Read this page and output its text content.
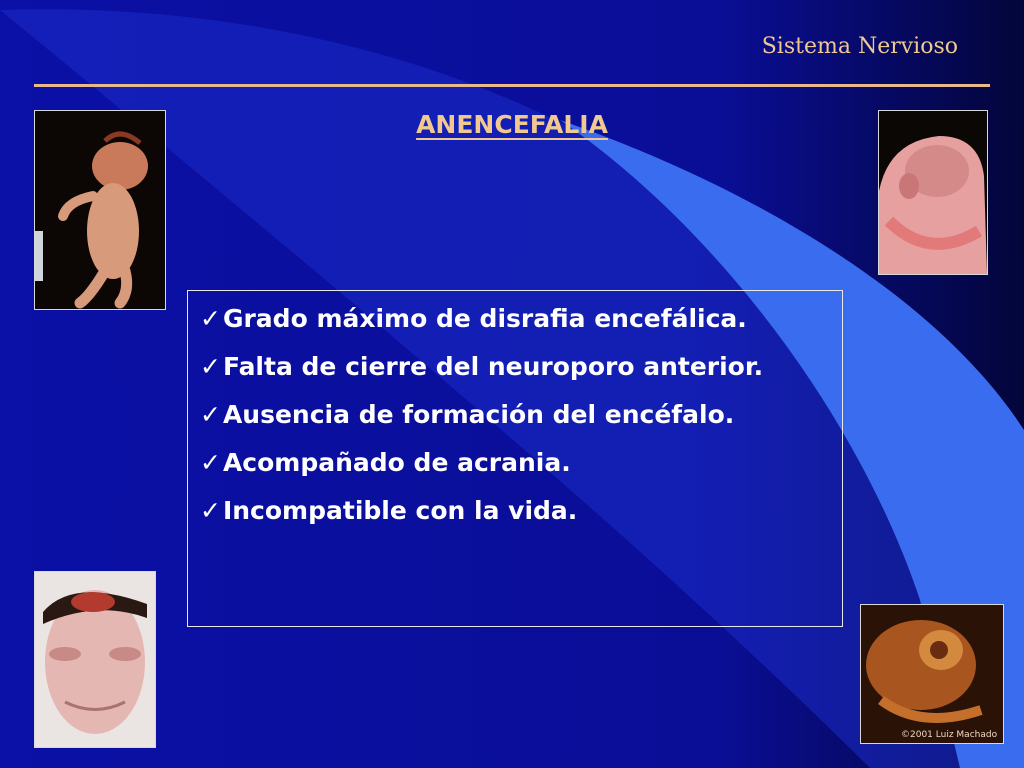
Sistema Nervioso
ANENCEFALIA
©2001 Luiz Machado
✓Grado máximo de disrafia encefálica.
✓Falta de cierre del neuroporo anterior.
✓Ausencia de formación del encéfalo.
✓Acompañado de acrania.
✓Incompatible con la vida.
